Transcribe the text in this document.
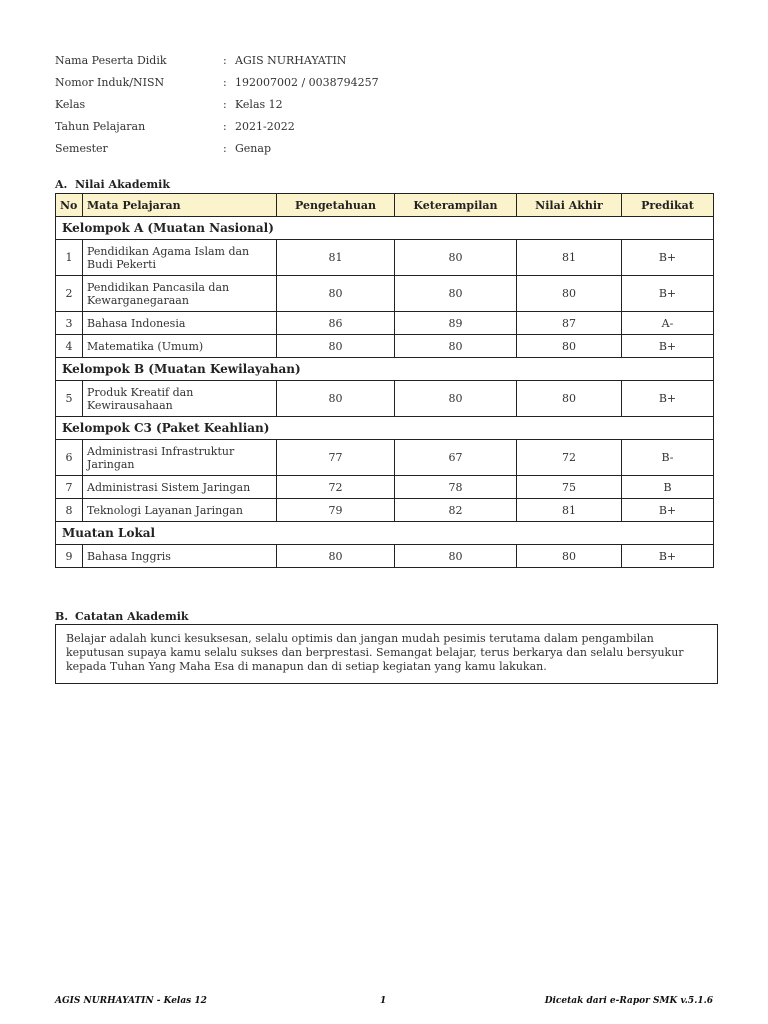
Nama Peserta Didik	: AGIS NURHAYATIN
Nomor Induk/NISN	: 192007002 / 0038794257
Kelas	: Kelas 12
Tahun Pelajaran	: 2021-2022
Semester	: Genap
A. Nilai Akademik
No	Mata Pelajaran	Pengetahuan	Keterampilan	Nilai Akhir	Predikat
Kelompok A (Muatan Nasional)					
1	Pendidikan Agama Islam dan Budi Pekerti	81	80	81	B+
2	Pendidikan Pancasila dan Kewarganegaraan	80	80	80	B+
3	Bahasa Indonesia	86	89	87	A-
4	Matematika (Umum)	80	80	80	B+
Kelompok B (Muatan Kewilayahan)					
5	Produk Kreatif dan Kewirausahaan	80	80	80	B+
Kelompok C3 (Paket Keahlian)					
6	Administrasi Infrastruktur Jaringan	77	67	72	B-
7	Administrasi Sistem Jaringan	72	78	75	B
8	Teknologi Layanan Jaringan	79	82	81	B+
Muatan Lokal					
9	Bahasa Inggris	80	80	80	B+
B. Catatan Akademik
Belajar adalah kunci kesuksesan, selalu optimis dan jangan mudah pesimis terutama dalam pengambilan keputusan supaya kamu selalu sukses dan berprestasi. Semangat belajar, terus berkarya dan selalu bersyukur kepada Tuhan Yang Maha Esa di manapun dan di setiap kegiatan yang kamu lakukan.
AGIS NURHAYATIN - Kelas 12	1	Dicetak dari e-Rapor SMK v.5.1.6
